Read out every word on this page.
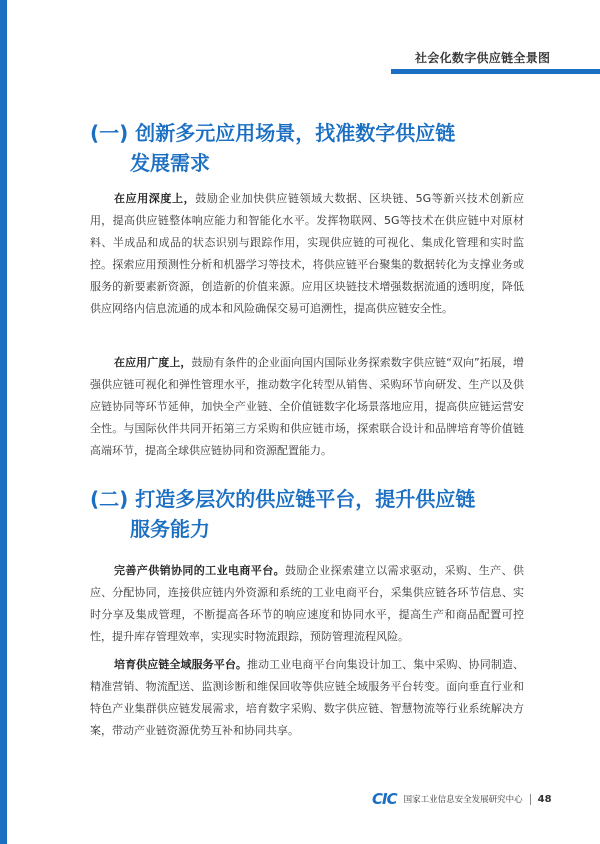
社会化数字供应链全景图
(一) 创新多元应用场景，找准数字供应链
发展需求

在应用深度上，鼓励企业加快供应链领域大数据、区块链、5G等新兴技术创新应用，提高供应链整体响应能力和智能化水平。发挥物联网、5G等技术在供应链中对原材料、半成品和成品的状态识别与跟踪作用，实现供应链的可视化、集成化管理和实时监控。探索应用预测性分析和机器学习等技术，将供应链平台聚集的数据转化为支撑业务或服务的新要素新资源，创造新的价值来源。应用区块链技术增强数据流通的透明度，降低供应网络内信息流通的成本和风险确保交易可追溯性，提高供应链安全性。

在应用广度上，鼓励有条件的企业面向国内国际业务探索数字供应链“双向”拓展，增强供应链可视化和弹性管理水平，推动数字化转型从销售、采购环节向研发、生产以及供应链协同等环节延伸，加快全产业链、全价值链数字化场景落地应用，提高供应链运营安全性。与国际伙伴共同开拓第三方采购和供应链市场，探索联合设计和品牌培育等价值链高端环节，提高全球供应链协同和资源配置能力。

(二) 打造多层次的供应链平台，提升供应链
服务能力

完善产供销协同的工业电商平台。鼓励企业探索建立以需求驱动，采购、生产、供应、分配协同，连接供应链内外资源和系统的工业电商平台，采集供应链各环节信息、实时分享及集成管理，不断提高各环节的响应速度和协同水平，提高生产和商品配置可控性，提升库存管理效率，实现实时物流跟踪，预防管理流程风险。

培育供应链全域服务平台。推动工业电商平台向集设计加工、集中采购、协同制造、精准营销、物流配送、监测诊断和维保回收等供应链全域服务平台转变。面向垂直行业和特色产业集群供应链发展需求，培育数字采购、数字供应链、智慧物流等行业系统解决方案，带动产业链资源优势互补和协同共享。

CIC 国家工业信息安全发展研究中心 48
